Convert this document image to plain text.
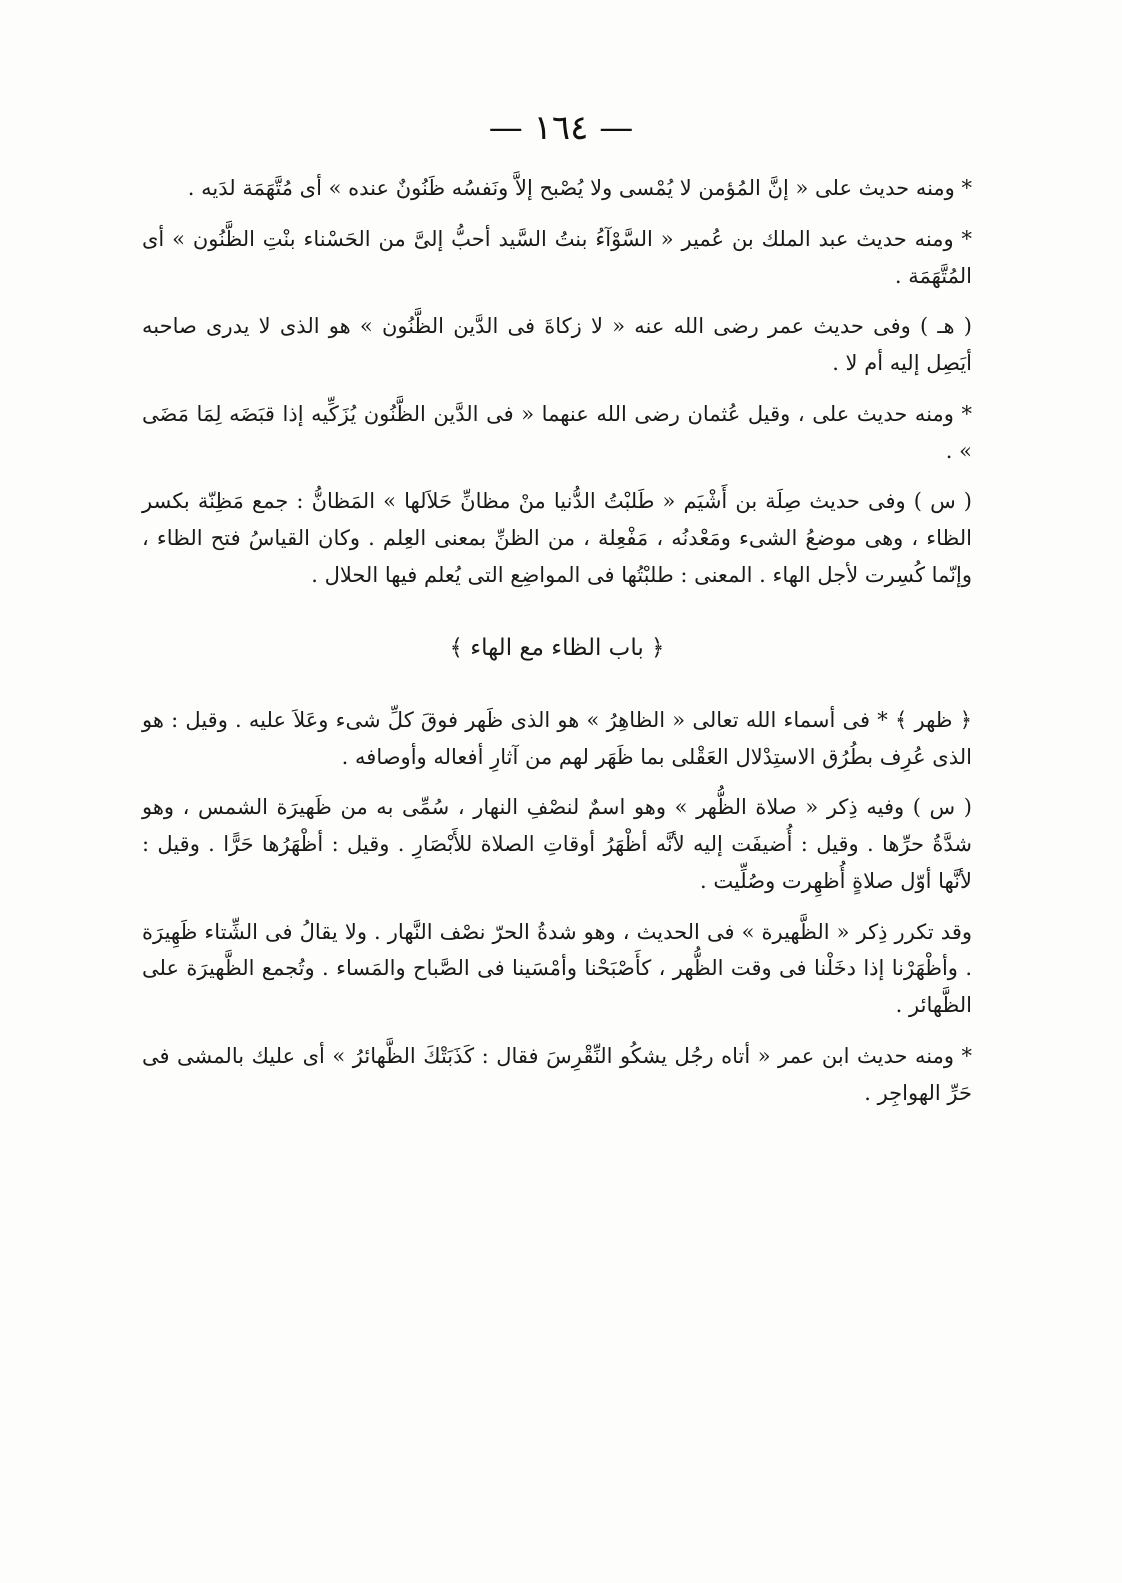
— ١٦٤ —

* ومنه حديث على « إنَّ المُؤمن لا يُمْسى ولا يُصْبح إلاَّ ونَفسُه ظَنُونٌ عنده » أى مُتَّهَمَة لدَيه .

* ومنه حديث عبد الملك بن عُمير « السَّوْآءُ بنتُ السَّيد أحبُّ إلىَّ من الحَسْناء بنْتِ الظَّنُون » أى المُتَّهَمَة .

( هـ ) وفى حديث عمر رضى الله عنه « لا زكاةَ فى الدَّين الظَّنُون » هو الذى لا يدرى صاحبه أيَصِل إليه أم لا .

* ومنه حديث على ، وقيل عُثمان رضى الله عنهما « فى الدَّين الظَّنُون يُزَكِّيه إذا قبَضَه لِمَا مَضَى » .

( س ) وفى حديث صِلَة بن أَشْيَم « طَلبْتُ الدُّنيا منْ مظانِّ حَلاَلها » المَظانُّ : جمع مَظِنّة بكسر الظاء ، وهى موضعُ الشىء ومَعْدنُه ، مَفْعِلة ، من الظنِّ بمعنى العِلم . وكان القياسُ فتح الظاء ، وإنّما كُسِرت لأجل الهاء . المعنى : طلبْتُها فى المواضِع التى يُعلم فيها الحلال .

﴿ باب الظاء مع الهاء ﴾

﴿ ظهر ﴾ * فى أسماء الله تعالى « الظاهِرُ » هو الذى ظَهر فوقَ كلِّ شىء وعَلاَ عليه . وقيل : هو الذى عُرِف بطُرُق الاستِدْلال العَقْلى بما ظَهَر لهم من آثارِ أفعاله وأوصافه .

( س ) وفيه ذِكر « صلاة الظُّهر » وهو اسمٌ لنصْفِ النهار ، سُمِّى به من ظَهيرَة الشمس ، وهو شدَّةُ حرِّها . وقيل : أُضيفَت إليه لأنَّه أظْهَرُ أوقاتِ الصلاة للأَبْصَارِ . وقيل : أظْهَرُها حَرًّا . وقيل : لأنَّها أوّل صلاةٍ أُظهِرت وصُلِّيت .

وقد تكرر ذِكر « الظَّهيرة » فى الحديث ، وهو شدةُ الحرّ نصْف النَّهار . ولا يقالُ فى الشِّتاء ظَهِيرَة . وأظْهَرْنا إذا دخَلْنا فى وقت الظُّهر ، كأَصْبَحْنا وأمْسَينا فى الصَّباح والمَساء . وتُجمع الظَّهيرَة على الظَّهائر .

* ومنه حديث ابن عمر « أتاه رجُل يشكُو النِّقْرِسَ فقال : كَذَبَتْكَ الظَّهائرُ » أى عليك بالمشى فى حَرِّ الهواجِر .
